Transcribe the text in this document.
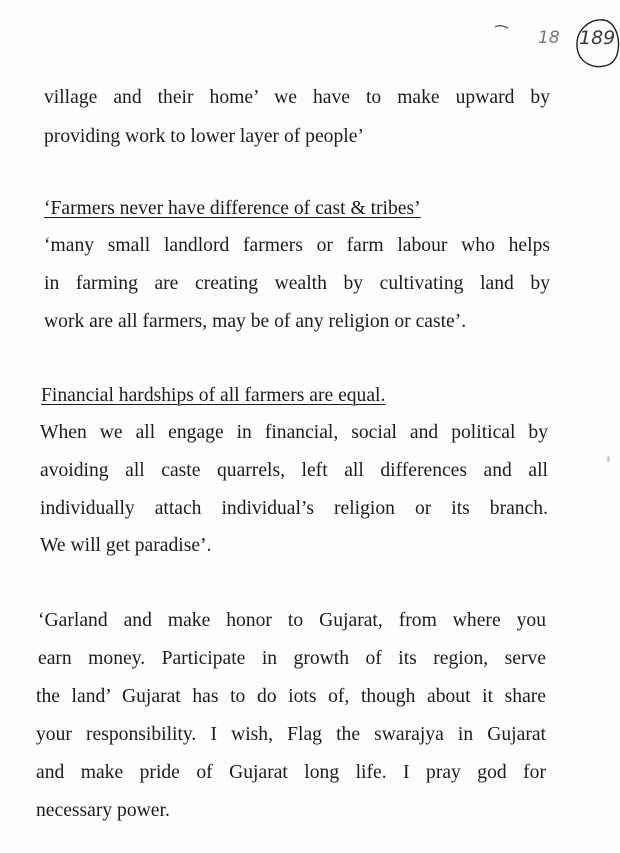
18 189
village and their home’ we have to make upward by
providing work to lower layer of people’
‘Farmers never have difference of cast & tribes’
‘many small landlord farmers or farm labour who helps
in farming are creating wealth by cultivating land by
work are all farmers, may be of any religion or caste’.
Financial hardships of all farmers are equal.
When we all engage in financial, social and political by
avoiding all caste quarrels, left all differences and all
individually attach individual’s religion or its branch.
We will get paradise’.
‘Garland and make honor to Gujarat, from where you
earn money. Participate in growth of its region, serve
the land’ Gujarat has to do iots of, though about it share
your responsibility. I wish, Flag the swarajya in Gujarat
and make pride of Gujarat long life. I pray god for
necessary power.
